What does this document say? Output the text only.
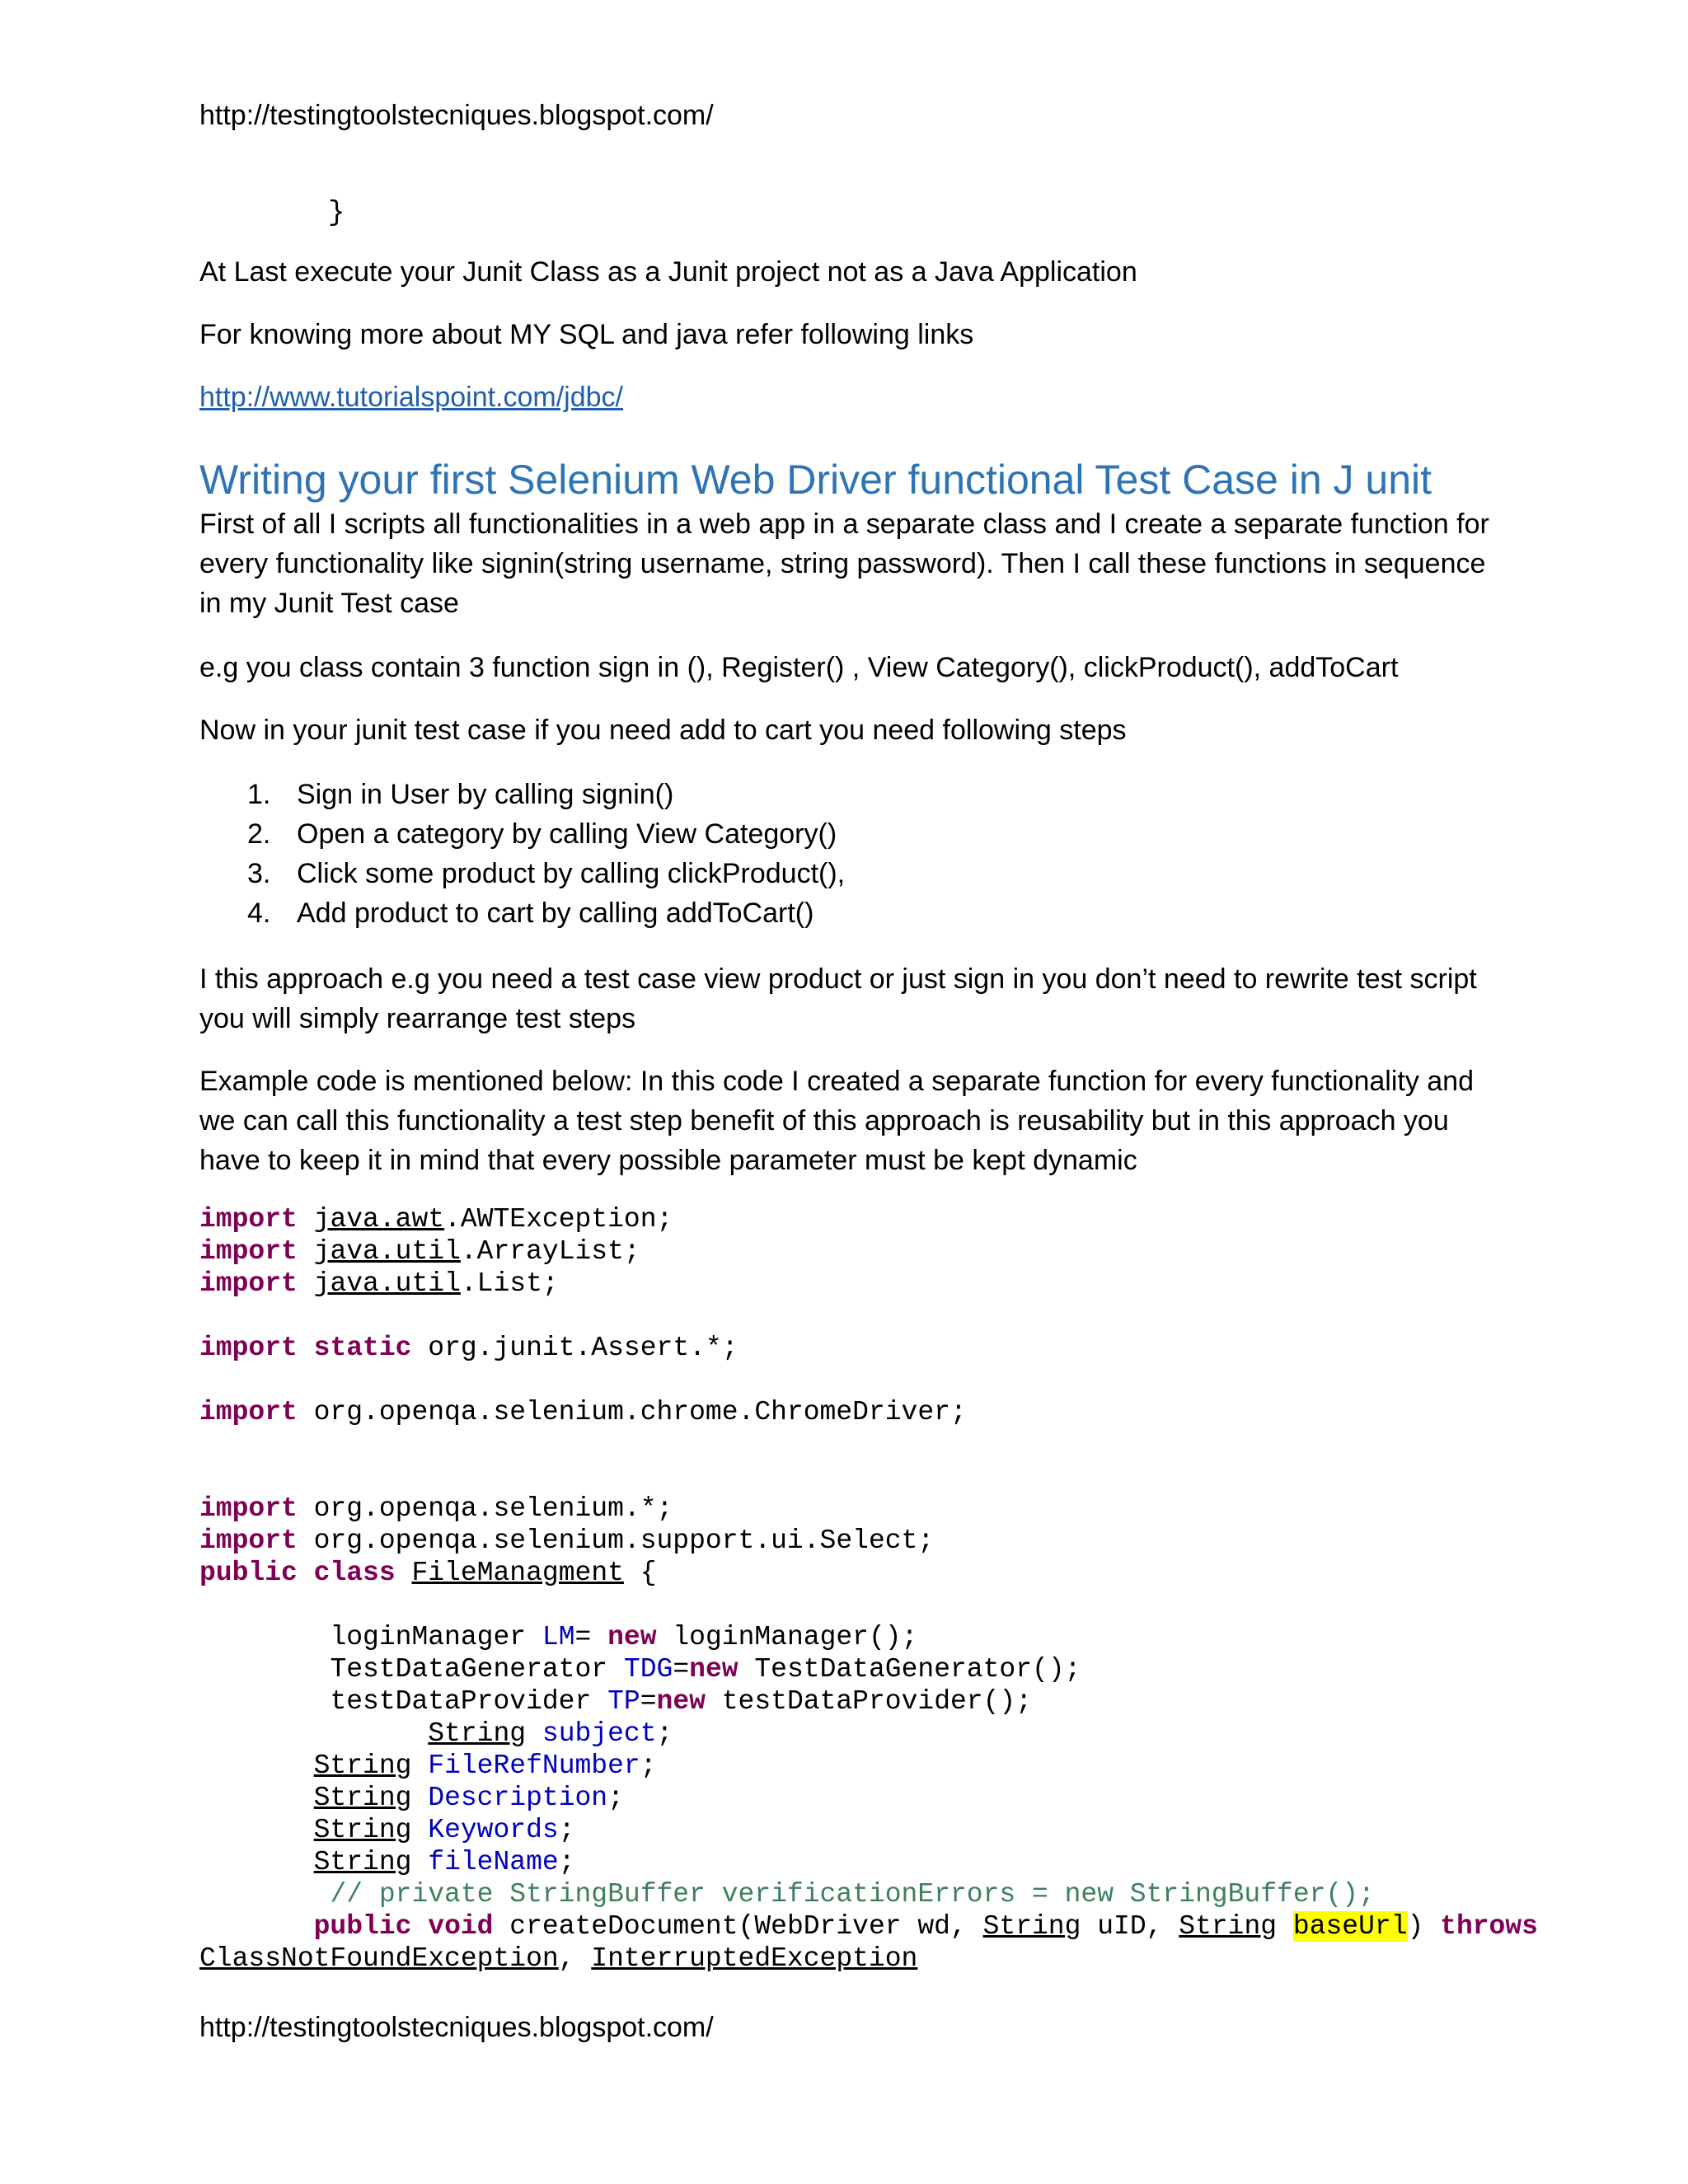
http://testingtoolstecniques.blogspot.com/
}
At Last execute your Junit Class as a Junit project not as a Java Application
For knowing more about MY SQL and java refer following links
http://www.tutorialspoint.com/jdbc/
Writing your first Selenium Web Driver functional Test Case in J unit
First of all I scripts all functionalities in a web app in a separate class and I create a separate function for every functionality like signin(string username, string password). Then I call these functions in sequence in my Junit Test case
e.g you class contain 3 function sign in (), Register() , View Category(), clickProduct(), addToCart
Now in your junit test case if you need add to cart you need following steps
1. Sign in User by calling signin()
2. Open a category by calling View Category()
3. Click some product by calling clickProduct(),
4. Add product to cart by calling addToCart()
I this approach e.g you need a test case view product or just sign in you don’t need to rewrite test script you will simply rearrange test steps
Example code is mentioned below: In this code I created a separate function for every functionality and we can call this functionality a test step benefit of this approach is reusability but in this approach you have to keep it in mind that every possible parameter must be kept dynamic
import java.awt.AWTException;
import java.util.ArrayList;
import java.util.List;

import static org.junit.Assert.*;

import org.openqa.selenium.chrome.ChromeDriver;

import org.openqa.selenium.*;
import org.openqa.selenium.support.ui.Select;
public class FileManagment {

loginManager LM= new loginManager();
TestDataGenerator TDG=new TestDataGenerator();
testDataProvider TP=new testDataProvider();
String subject;
String FileRefNumber;
String Description;
String Keywords;
String fileName;
// private StringBuffer verificationErrors = new StringBuffer();
public void createDocument(WebDriver wd, String uID, String baseUrl) throws
ClassNotFoundException, InterruptedException
http://testingtoolstecniques.blogspot.com/
